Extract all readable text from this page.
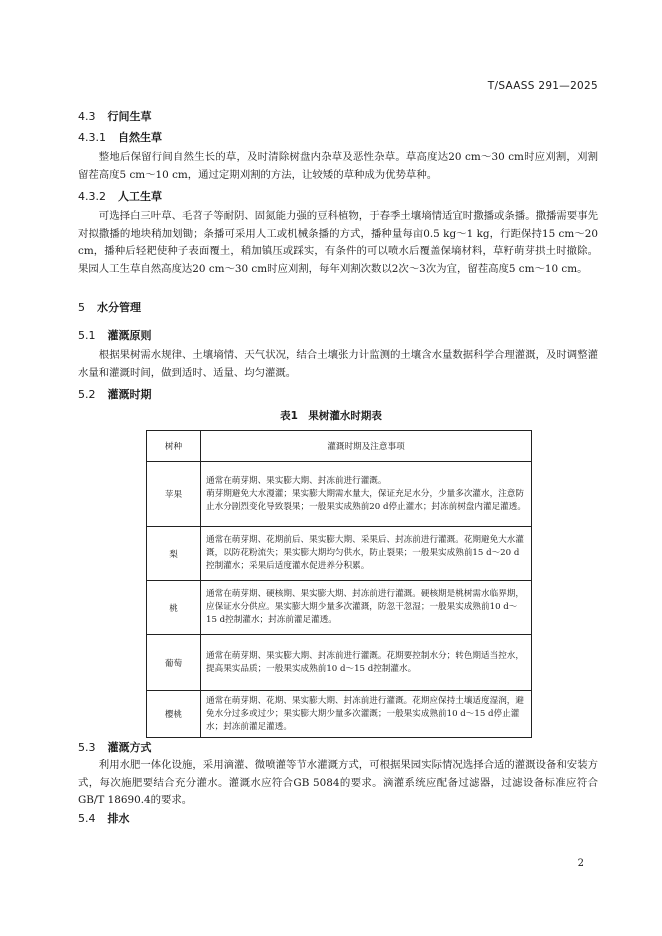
T/SAASS 291—2025
4.3 行间生草
4.3.1 自然生草
整地后保留行间自然生长的草，及时清除树盘内杂草及恶性杂草。草高度达20 cm～30 cm时应刈割，刈割留茬高度5 cm～10 cm，通过定期刈割的方法，让较矮的草种成为优势草种。
4.3.2 人工生草
可选择白三叶草、毛苕子等耐阴、固氮能力强的豆科植物，于春季土壤墒情适宜时撒播或条播。撒播需要事先对拟撒播的地块稍加划锄；条播可采用人工或机械条播的方式，播种量每亩0.5 kg～1 kg，行距保持15 cm～20 cm，播种后轻耙使种子表面覆土，稍加镇压或踩实，有条件的可以喷水后覆盖保墒材料，草籽萌芽拱土时撤除。果园人工生草自然高度达20 cm～30 cm时应刈割，每年刈割次数以2次～3次为宜，留茬高度5 cm～10 cm。
5 水分管理
5.1 灌溉原则
根据果树需水规律、土壤墒情、天气状况，结合土壤张力计监测的土壤含水量数据科学合理灌溉，及时调整灌水量和灌溉时间，做到适时、适量、均匀灌溉。
5.2 灌溉时期
表1　果树灌水时期表
树种	灌溉时期及注意事项
苹果	通常在萌芽期、果实膨大期、封冻前进行灌溉。
萌芽期避免大水漫灌；果实膨大期需水量大，保证充足水分，少量多次灌水，注意防止水分剧烈变化导致裂果；一般果实成熟前20 d停止灌水；封冻前树盘内灌足灌透。
梨	通常在萌芽期、花期前后、果实膨大期、采果后、封冻前进行灌溉。花期避免大水灌溉，以防花粉流失；果实膨大期均匀供水，防止裂果；一般果实成熟前15 d～20 d控制灌水；采果后适度灌水促进养分积累。
桃	通常在萌芽期、硬核期、果实膨大期、封冻前进行灌溉。硬核期是桃树需水临界期，应保证水分供应。果实膨大期少量多次灌溉，防忽干忽湿；一般果实成熟前10 d～15 d控制灌水；封冻前灌足灌透。
葡萄	通常在萌芽期、果实膨大期、封冻前进行灌溉。花期要控制水分；转色期适当控水，提高果实品质；一般果实成熟前10 d～15 d控制灌水。
樱桃	通常在萌芽期、花期、果实膨大期、封冻前进行灌溉。花期应保持土壤适度湿润，避免水分过多或过少；果实膨大期少量多次灌溉；一般果实成熟前10 d～15 d停止灌水；封冻前灌足灌透。
5.3 灌溉方式
利用水肥一体化设施，采用滴灌、微喷灌等节水灌溉方式，可根据果园实际情况选择合适的灌溉设备和安装方式，每次施肥要结合充分灌水。灌溉水应符合GB 5084的要求。滴灌系统应配备过滤器，过滤设备标准应符合GB/T 18690.4的要求。
5.4 排水
2
